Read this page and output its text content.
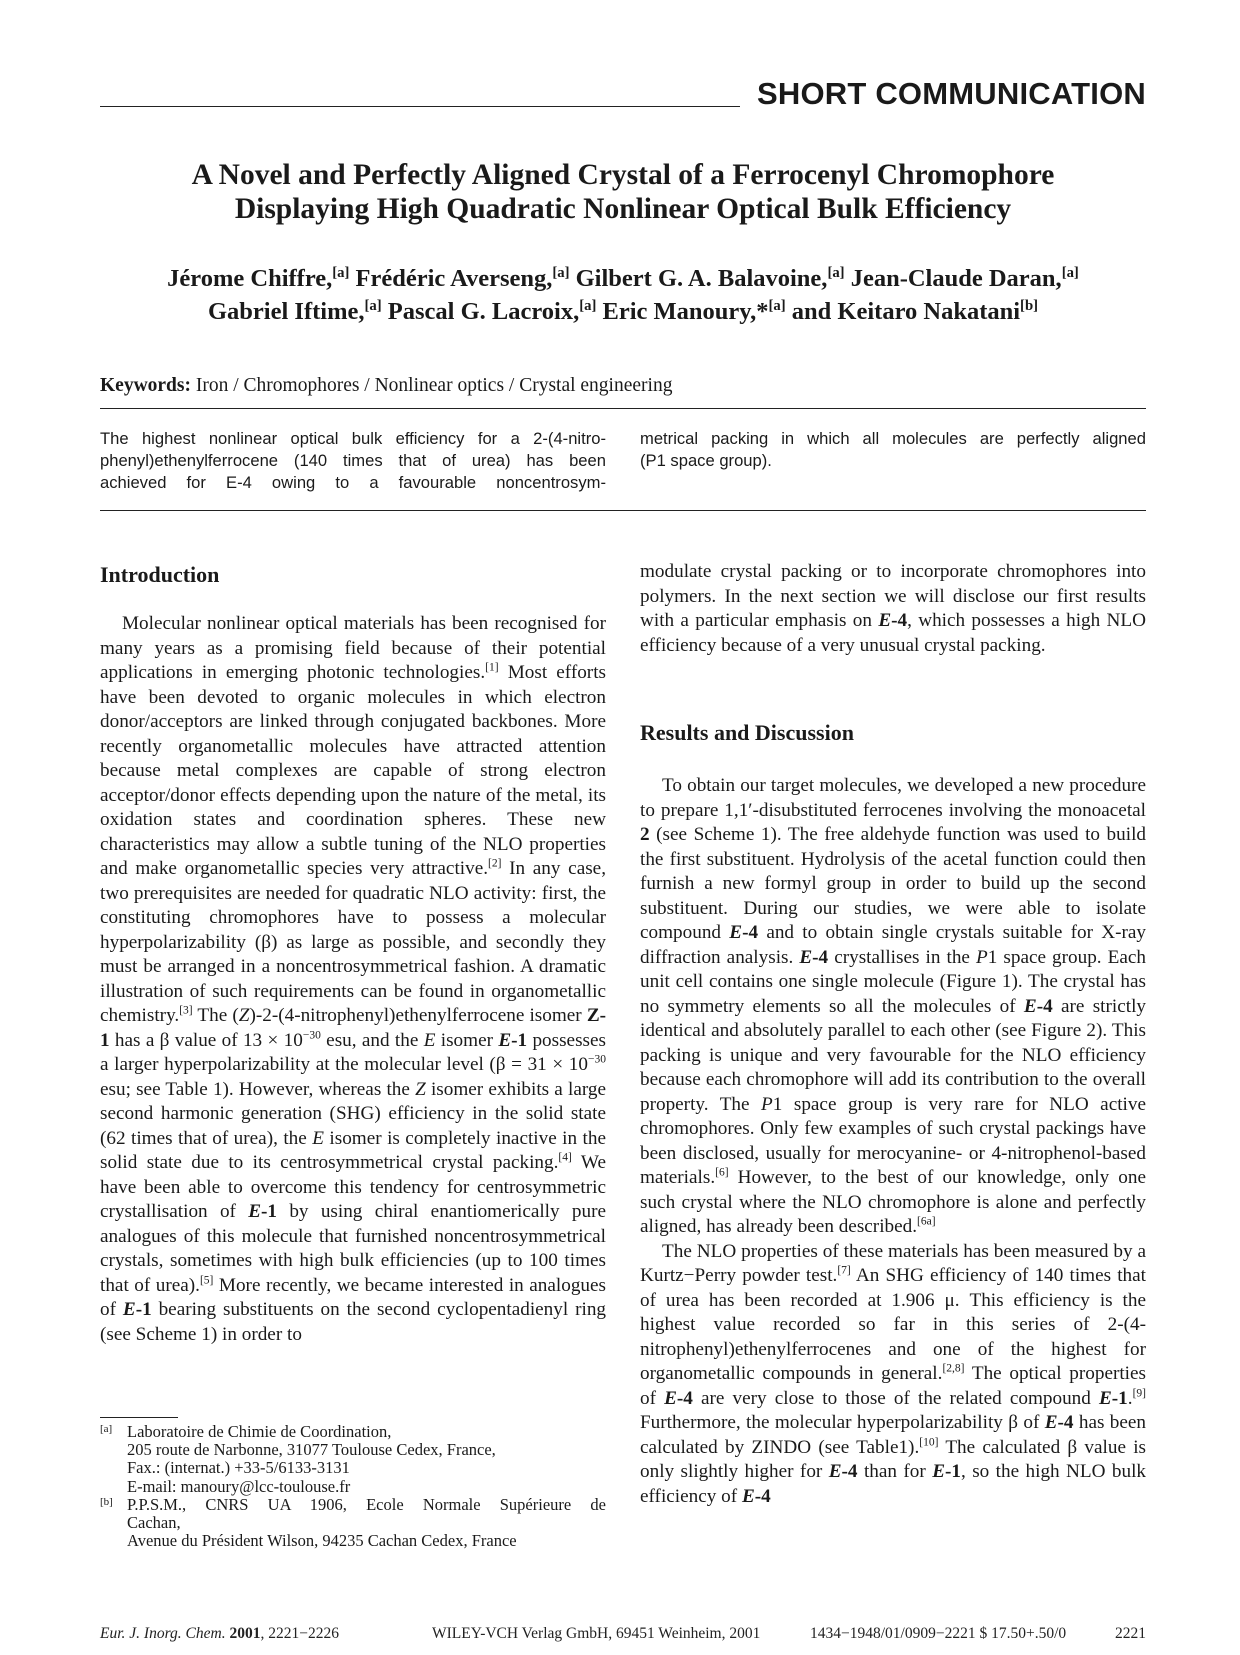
SHORT COMMUNICATION
A Novel and Perfectly Aligned Crystal of a Ferrocenyl Chromophore
Displaying High Quadratic Nonlinear Optical Bulk Efficiency
Jérome Chiffre,[a] Frédéric Averseng,[a] Gilbert G. A. Balavoine,[a] Jean-Claude Daran,[a]
Gabriel Iftime,[a] Pascal G. Lacroix,[a] Eric Manoury,*[a] and Keitaro Nakatani[b]
Keywords: Iron / Chromophores / Nonlinear optics / Crystal engineering
The highest nonlinear optical bulk efficiency for a 2-(4-nitro-
phenyl)ethenylferrocene (140 times that of urea) has been
achieved for E-4 owing to a favourable noncentrosym-
metrical packing in which all molecules are perfectly aligned
(P1 space group).
Introduction

Molecular nonlinear optical materials has been recognised for many years as a promising field because of their potential applications in emerging photonic technologies.[1] Most efforts have been devoted to organic molecules in which electron donor/acceptors are linked through conjugated backbones. More recently organometallic molecules have attracted attention because metal complexes are capable of strong electron acceptor/donor effects depending upon the nature of the metal, its oxidation states and coordination spheres. These new characteristics may allow a subtle tuning of the NLO properties and make organometallic species very attractive.[2] In any case, two prerequisites are needed for quadratic NLO activity: first, the constituting chromophores have to possess a molecular hyperpolarizability (β) as large as possible, and secondly they must be arranged in a noncentrosymmetrical fashion. A dramatic illustration of such requirements can be found in organometallic chemistry.[3] The (Z)-2-(4-nitrophenyl)ethenylferrocene isomer Z-1 has a β value of $13 \times 10^{-30}$ esu, and the E isomer E-1 possesses a larger hyperpolarizability at the molecular level ($\beta = 31 \times 10^{-30}$ esu; see Table 1). However, whereas the Z isomer exhibits a large second harmonic generation (SHG) efficiency in the solid state (62 times that of urea), the E isomer is completely inactive in the solid state due to its centrosymmetrical crystal packing.[4] We have been able to overcome this tendency for centrosymmetric crystallisation of E-1 by using chiral enantiomerically pure analogues of this molecule that furnished noncentrosymmetrical crystals, sometimes with high bulk efficiencies (up to 100 times that of urea).[5] More recently, we became interested in analogues of E-1 bearing substituents on the second cyclopentadienyl ring (see Scheme 1) in order to

[a] Laboratoire de Chimie de Coordination,
205 route de Narbonne, 31077 Toulouse Cedex, France,
Fax.: (internat.) +33-5/6133-3131
E-mail: manoury@lcc-toulouse.fr
[b] P.P.S.M., CNRS UA 1906, Ecole Normale Supérieure de
Cachan,
Avenue du Président Wilson, 94235 Cachan Cedex, France

modulate crystal packing or to incorporate chromophores into polymers. In the next section we will disclose our first results with a particular emphasis on E-4, which possesses a high NLO efficiency because of a very unusual crystal packing.

Results and Discussion

To obtain our target molecules, we developed a new procedure to prepare 1,1′-disubstituted ferrocenes involving the monoacetal 2 (see Scheme 1). The free aldehyde function was used to build the first substituent. Hydrolysis of the acetal function could then furnish a new formyl group in order to build up the second substituent. During our studies, we were able to isolate compound E-4 and to obtain single crystals suitable for X-ray diffraction analysis. E-4 crystallises in the P1 space group. Each unit cell contains one single molecule (Figure 1). The crystal has no symmetry elements so all the molecules of E-4 are strictly identical and absolutely parallel to each other (see Figure 2). This packing is unique and very favourable for the NLO efficiency because each chromophore will add its contribution to the overall property. The P1 space group is very rare for NLO active chromophores. Only few examples of such crystal packings have been disclosed, usually for merocyanine- or 4-nitrophenol-based materials.[6] However, to the best of our knowledge, only one such crystal where the NLO chromophore is alone and perfectly aligned, has already been described.[6a]

The NLO properties of these materials has been measured by a Kurtz−Perry powder test.[7] An SHG efficiency of 140 times that of urea has been recorded at 1.906 μ. This efficiency is the highest value recorded so far in this series of 2-(4-nitrophenyl)ethenylferrocenes and one of the highest for organometallic compounds in general.[2,8] The optical properties of E-4 are very close to those of the related compound E-1.[9] Furthermore, the molecular hyperpolarizability β of E-4 has been calculated by ZINDO (see Table1).[10] The calculated β value is only slightly higher for E-4 than for E-1, so the high NLO bulk efficiency of E-4

Eur. J. Inorg. Chem. 2001, 2221−2226	WILEY-VCH Verlag GmbH, 69451 Weinheim, 2001	1434−1948/01/0909−2221 $ 17.50+.50/0	2221
